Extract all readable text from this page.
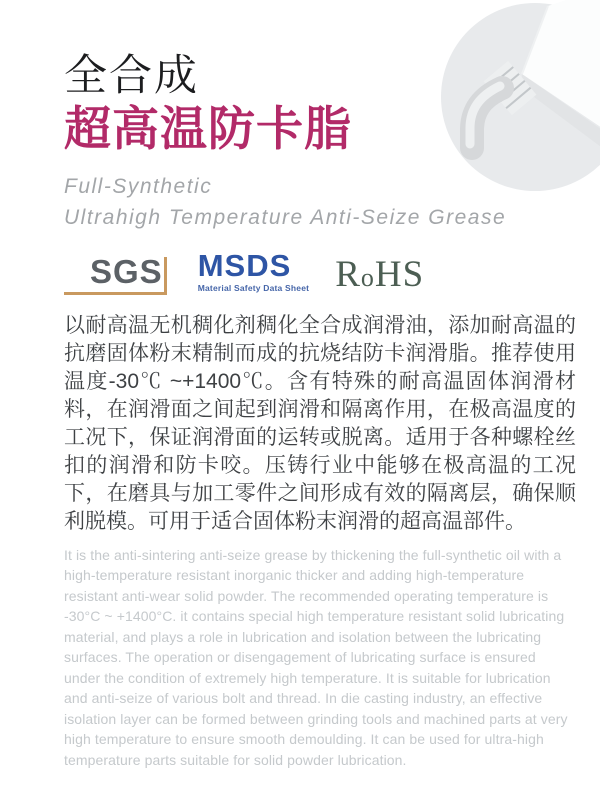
全合成
超高温防卡脂
Full-Synthetic
Ultrahigh Temperature Anti-Seize Grease
SGS MSDS
Material Safety Data Sheet RoHS

以耐高温无机稠化剂稠化全合成润滑油，添加耐高温的抗磨固体粉末精制而成的抗烧结防卡润滑脂。推荐使用温度-30℃ ~+1400℃。含有特殊的耐高温固体润滑材料，在润滑面之间起到润滑和隔离作用，在极高温度的工况下，保证润滑面的运转或脱离。适用于各种螺栓丝扣的润滑和防卡咬。压铸行业中能够在极高温的工况下，在磨具与加工零件之间形成有效的隔离层，确保顺利脱模。可用于适合固体粉末润滑的超高温部件。

It is the anti-sintering anti-seize grease by thickening the full-synthetic oil with a high-temperature resistant inorganic thicker and adding high-temperature resistant anti-wear solid powder. The recommended operating temperature is -30°C ~ +1400°C. it contains special high temperature resistant solid lubricating material, and plays a role in lubrication and isolation between the lubricating surfaces. The operation or disengagement of lubricating surface is ensured under the condition of extremely high temperature. It is suitable for lubrication and anti-seize of various bolt and thread. In die casting industry, an effective isolation layer can be formed between grinding tools and machined parts at very high temperature to ensure smooth demoulding. It can be used for ultra-high temperature parts suitable for solid powder lubrication.
